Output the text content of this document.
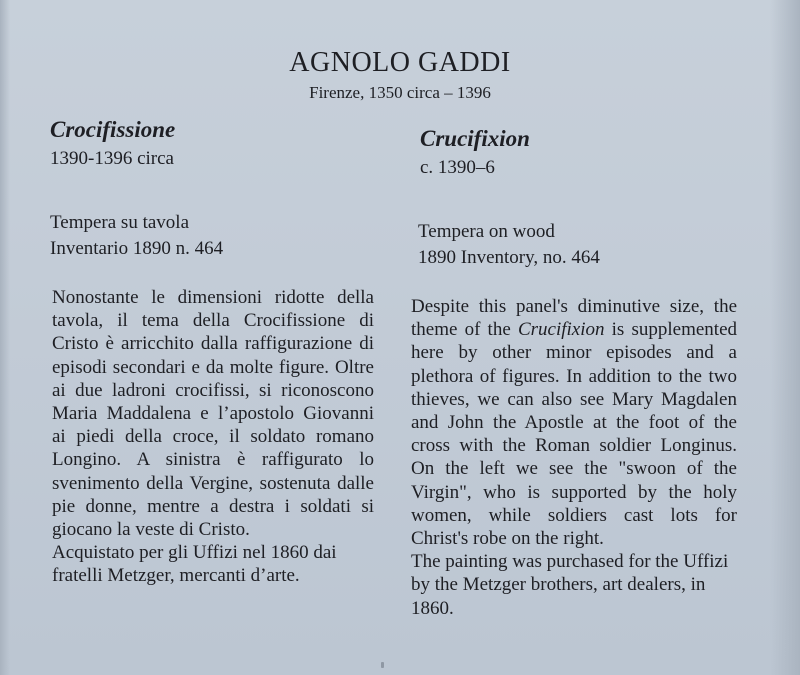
AGNOLO GADDI
Firenze, 1350 circa – 1396
Crocifissione
1390-1396 circa
Tempera su tavola
Inventario 1890 n. 464

Nonostante le dimensioni ridotte della tavola, il tema della Crocifissione di Cristo è arricchito dalla raffigurazione di episodi secondari e da molte figure. Oltre ai due ladroni crocifissi, si riconoscono Maria Maddalena e l’apostolo Giovanni ai piedi della croce, il soldato romano Longino. A sinistra è raffigurato lo svenimento della Vergine, sostenuta dalle pie donne, mentre a destra i soldati si giocano la veste di Cristo.

Acquistato per gli Uffizi nel 1860 dai fratelli Metzger, mercanti d’arte.

Crucifixion
c. 1390–6
Tempera on wood
1890 Inventory, no. 464

Despite this panel's diminutive size, the theme of the Crucifixion is supplemented here by other minor episodes and a plethora of figures. In addition to the two thieves, we can also see Mary Magdalen and John the Apostle at the foot of the cross with the Roman soldier Longinus. On the left we see the "swoon of the Virgin", who is supported by the holy women, while soldiers cast lots for Christ's robe on the right.

The painting was purchased for the Uffizi by the Metzger brothers, art dealers, in 1860.
